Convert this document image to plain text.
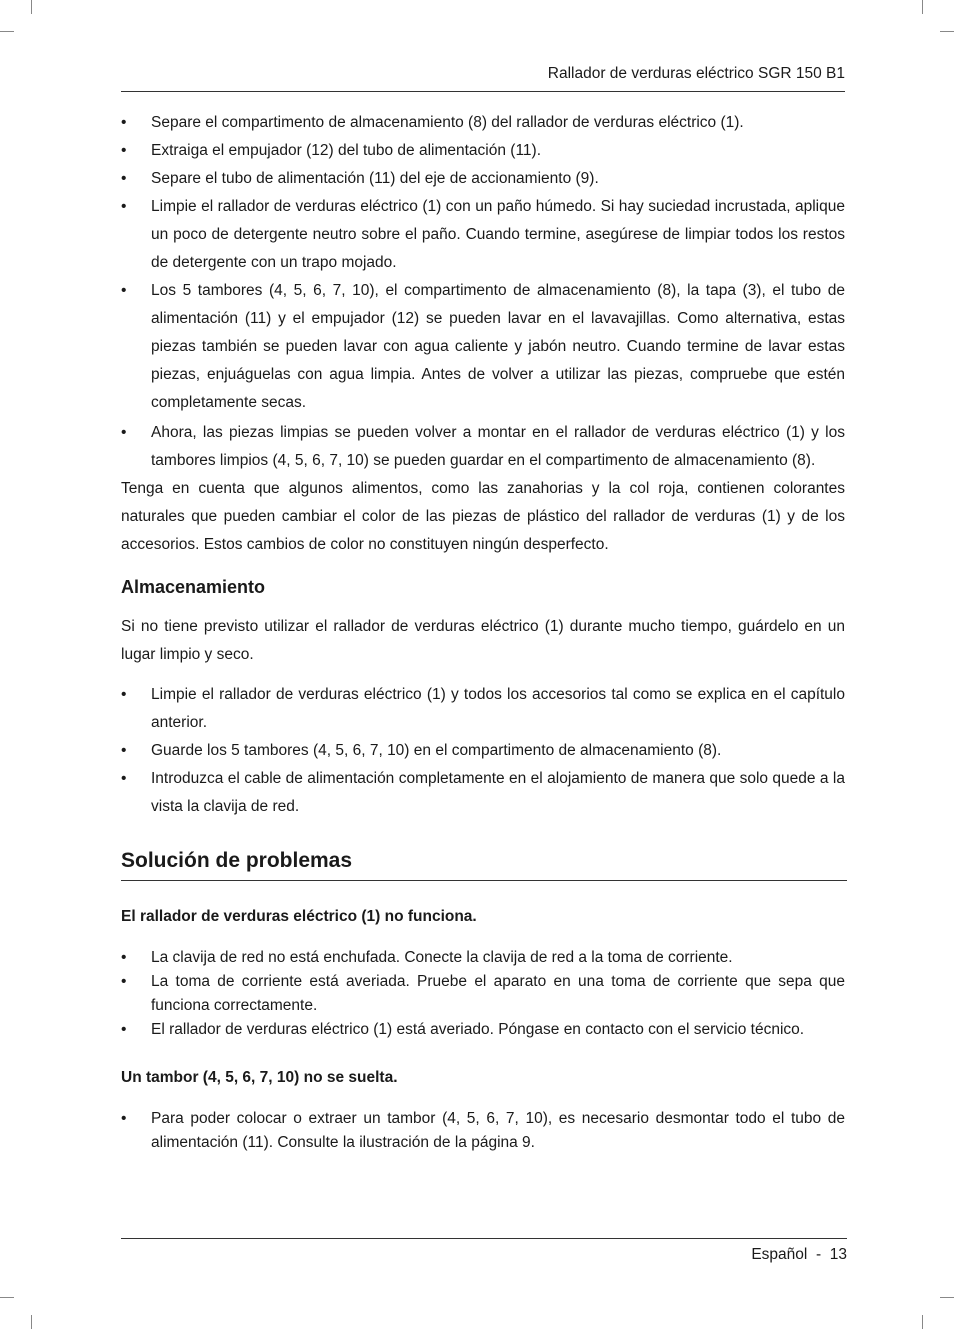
Rallador de verduras eléctrico SGR 150 B1
• Separe el compartimento de almacenamiento (8) del rallador de verduras eléctrico (1).
• Extraiga el empujador (12) del tubo de alimentación (11).
• Separe el tubo de alimentación (11) del eje de accionamiento (9).
• Limpie el rallador de verduras eléctrico (1) con un paño húmedo. Si hay suciedad incrustada, aplique un poco de detergente neutro sobre el paño. Cuando termine, asegúrese de limpiar todos los restos de detergente con un trapo mojado.
• Los 5 tambores (4, 5, 6, 7, 10), el compartimento de almacenamiento (8), la tapa (3), el tubo de alimentación (11) y el empujador (12) se pueden lavar en el lavavajillas. Como alternativa, estas piezas también se pueden lavar con agua caliente y jabón neutro. Cuando termine de lavar estas piezas, enjuáguelas con agua limpia. Antes de volver a utilizar las piezas, compruebe que estén completamente secas.
• Ahora, las piezas limpias se pueden volver a montar en el rallador de verduras eléctrico (1) y los tambores limpios (4, 5, 6, 7, 10) se pueden guardar en el compartimento de almacenamiento (8).

Tenga en cuenta que algunos alimentos, como las zanahorias y la col roja, contienen colorantes naturales que pueden cambiar el color de las piezas de plástico del rallador de verduras (1) y de los accesorios. Estos cambios de color no constituyen ningún desperfecto.

Almacenamiento

Si no tiene previsto utilizar el rallador de verduras eléctrico (1) durante mucho tiempo, guárdelo en un lugar limpio y seco.

• Limpie el rallador de verduras eléctrico (1) y todos los accesorios tal como se explica en el capítulo anterior.
• Guarde los 5 tambores (4, 5, 6, 7, 10) en el compartimento de almacenamiento (8).
• Introduzca el cable de alimentación completamente en el alojamiento de manera que solo quede a la vista la clavija de red.
Solución de problemas
El rallador de verduras eléctrico (1) no funciona.
• La clavija de red no está enchufada. Conecte la clavija de red a la toma de corriente.
• La toma de corriente está averiada. Pruebe el aparato en una toma de corriente que sepa que funciona correctamente.
• El rallador de verduras eléctrico (1) está averiado. Póngase en contacto con el servicio técnico.
Un tambor (4, 5, 6, 7, 10) no se suelta.
• Para poder colocar o extraer un tambor (4, 5, 6, 7, 10), es necesario desmontar todo el tubo de alimentación (11). Consulte la ilustración de la página 9.
Español  -  13
